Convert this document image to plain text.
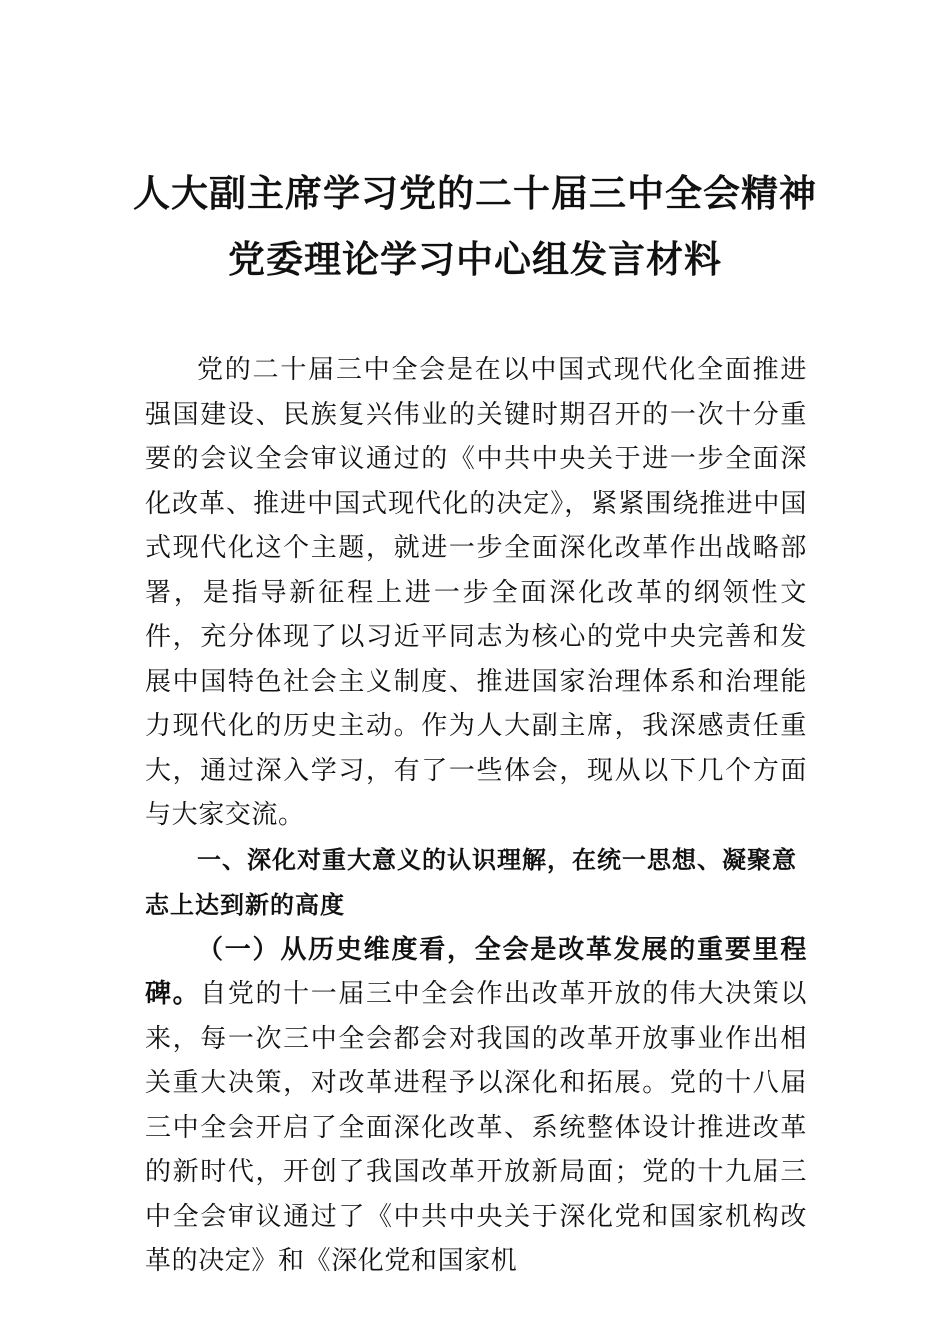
人大副主席学习党的二十届三中全会精神
党委理论学习中心组发言材料

党的二十届三中全会是在以中国式现代化全面推进强国建设、民族复兴伟业的关键时期召开的一次十分重要的会议全会审议通过的《中共中央关于进一步全面深化改革、推进中国式现代化的决定》，紧紧围绕推进中国式现代化这个主题，就进一步全面深化改革作出战略部署，是指导新征程上进一步全面深化改革的纲领性文件，充分体现了以习近平同志为核心的党中央完善和发展中国特色社会主义制度、推进国家治理体系和治理能力现代化的历史主动。作为人大副主席，我深感责任重大，通过深入学习，有了一些体会，现从以下几个方面与大家交流。

一、深化对重大意义的认识理解，在统一思想、凝聚意志上达到新的高度

（一）从历史维度看，全会是改革发展的重要里程碑。自党的十一届三中全会作出改革开放的伟大决策以来，每一次三中全会都会对我国的改革开放事业作出相关重大决策，对改革进程予以深化和拓展。党的十八届三中全会开启了全面深化改革、系统整体设计推进改革的新时代，开创了我国改革开放新局面；党的十九届三中全会审议通过了《中共中央关于深化党和国家机构改革的决定》和《深化党和国家机
